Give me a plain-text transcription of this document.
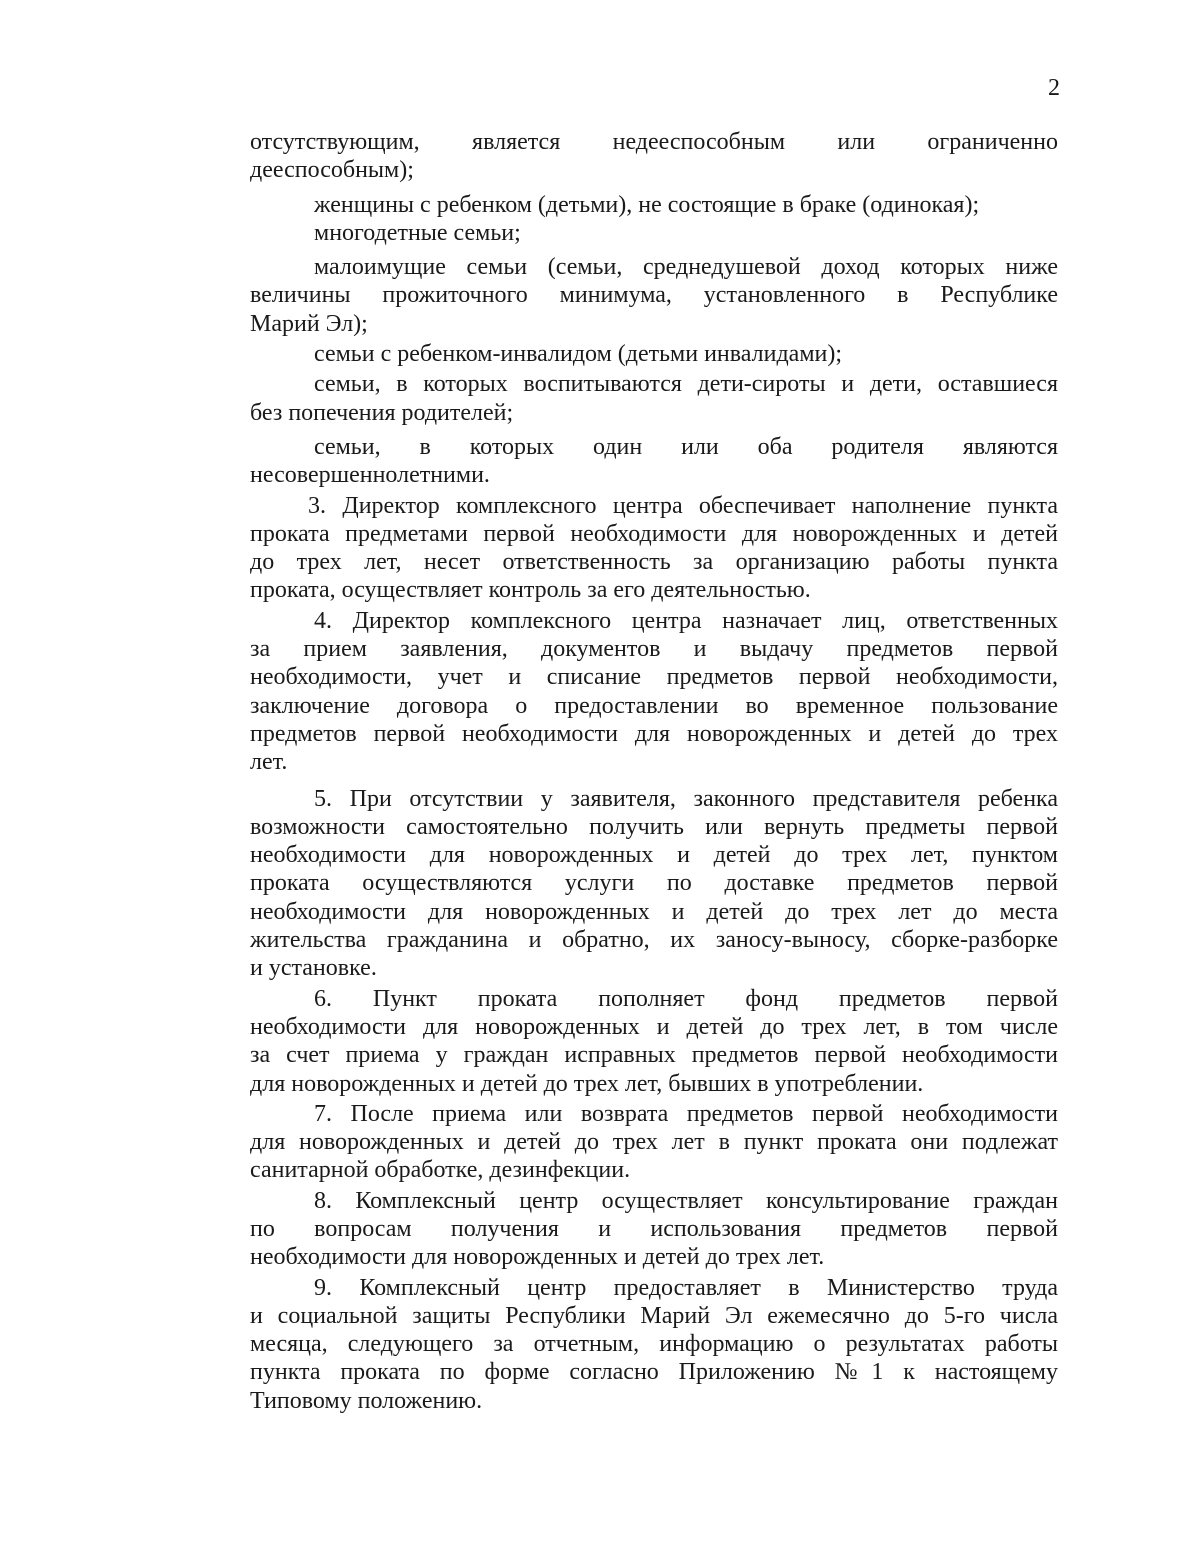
2
отсутствующим, является недееспособным или ограниченно
дееспособным);
женщины с ребенком (детьми), не состоящие в браке (одинокая);
многодетные семьи;
малоимущие семьи (семьи, среднедушевой доход которых ниже
величины прожиточного минимума, установленного в Республике
Марий Эл);
семьи с ребенком-инвалидом (детьми инвалидами);
семьи, в которых воспитываются дети-сироты и дети, оставшиеся
без попечения родителей;
семьи, в которых один или оба родителя являются
несовершеннолетними.
3. Директор комплексного центра обеспечивает наполнение пункта
проката предметами первой необходимости для новорожденных и детей
до трех лет, несет ответственность за организацию работы пункта
проката, осуществляет контроль за его деятельностью.
4. Директор комплексного центра назначает лиц, ответственных
за прием заявления, документов и выдачу предметов первой
необходимости, учет и списание предметов первой необходимости,
заключение договора о предоставлении во временное пользование
предметов первой необходимости для новорожденных и детей до трех
лет.
5. При отсутствии у заявителя, законного представителя ребенка
возможности самостоятельно получить или вернуть предметы первой
необходимости для новорожденных и детей до трех лет, пунктом
проката осуществляются услуги по доставке предметов первой
необходимости для новорожденных и детей до трех лет до места
жительства гражданина и обратно, их заносу-выносу, сборке-разборке
и установке.
6. Пункт проката пополняет фонд предметов первой
необходимости для новорожденных и детей до трех лет, в том числе
за счет приема у граждан исправных предметов первой необходимости
для новорожденных и детей до трех лет, бывших в употреблении.
7. После приема или возврата предметов первой необходимости
для новорожденных и детей до трех лет в пункт проката они подлежат
санитарной обработке, дезинфекции.
8. Комплексный центр осуществляет консультирование граждан
по вопросам получения и использования предметов первой
необходимости для новорожденных и детей до трех лет.
9. Комплексный центр предоставляет в Министерство труда
и социальной защиты Республики Марий Эл ежемесячно до 5-го числа
месяца, следующего за отчетным, информацию о результатах работы
пункта проката по форме согласно Приложению №1 к настоящему
Типовому положению.
